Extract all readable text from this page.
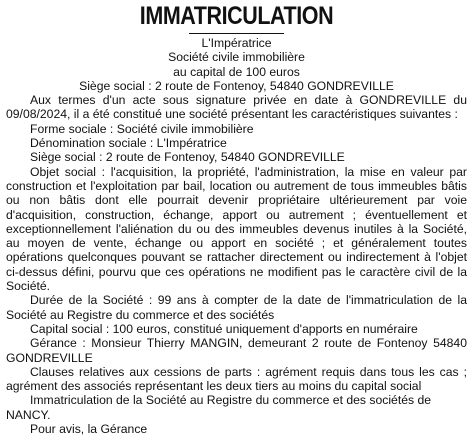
IMMATRICULATION

L'Impératrice

Société civile immobilière

au capital de 100 euros

Siège social : 2 route de Fontenoy, 54840 GONDREVILLE

Aux termes d'un acte sous signature privée en date à GONDREVILLE du 09/08/2024, il a été constitué une société présentant les caractéristiques suivantes :

Forme sociale : Société civile immobilière

Dénomination sociale : L'Impératrice

Siège social : 2 route de Fontenoy, 54840 GONDREVILLE

Objet social : l'acquisition, la propriété, l'administration, la mise en valeur par construction et l'exploitation par bail, location ou autrement de tous immeubles bâtis ou non bâtis dont elle pourrait devenir propriétaire ultérieurement par voie d'acquisition, construction, échange, apport ou autrement ; éventuellement et exceptionnellement l'aliénation du ou des immeubles devenus inutiles à la Société, au moyen de vente, échange ou apport en société ; et généralement toutes opérations quelconques pouvant se rattacher directement ou indirectement à l'objet ci-dessus défini, pourvu que ces opérations ne modifient pas le caractère civil de la Société.

Durée de la Société : 99 ans à compter de la date de l'immatriculation de la Société au Registre du commerce et des sociétés

Capital social : 100 euros, constitué uniquement d'apports en numéraire

Gérance : Monsieur Thierry MANGIN, demeurant 2 route de Fontenoy 54840 GONDREVILLE

Clauses relatives aux cessions de parts : agrément requis dans tous les cas ; agrément des associés représentant les deux tiers au moins du capital social

Immatriculation de la Société au Registre du commerce et des sociétés de NANCY.

Pour avis, la Gérance
